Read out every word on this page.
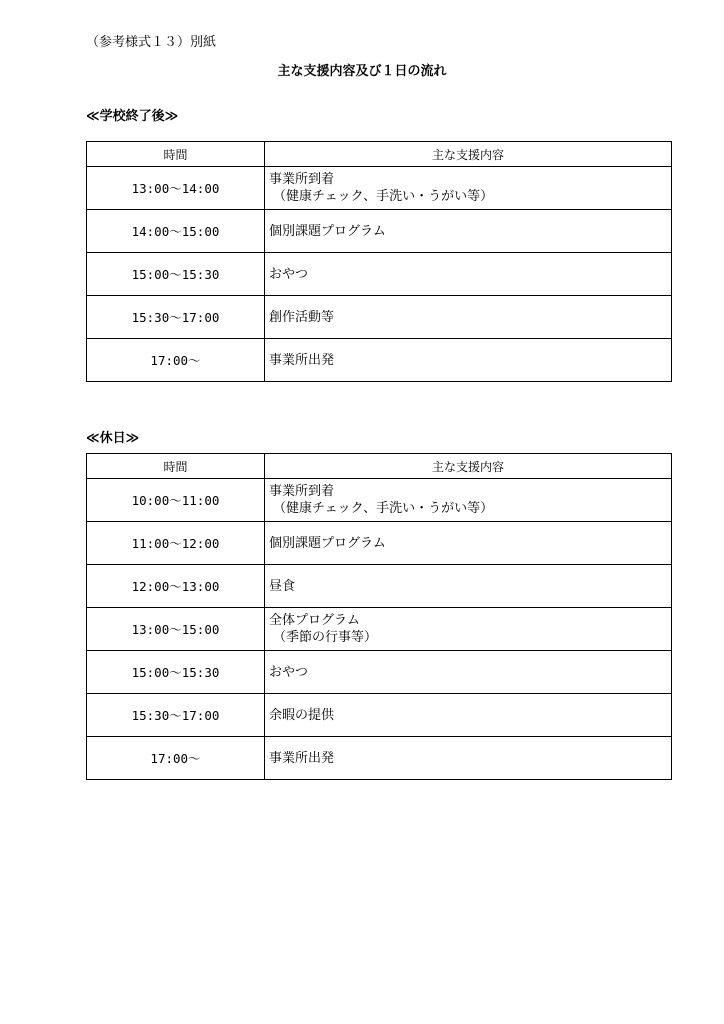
（参考様式１３）別紙
主な支援内容及び１日の流れ
≪学校終了後≫
時間	主な支援内容
13:00～14:00	事業所到着
（健康チェック、手洗い・うがい等）

14:00～15:00	個別課題プログラム
15:00～15:30	おやつ
15:30～17:00	創作活動等
17:00～	事業所出発
≪休日≫
時間	主な支援内容
10:00～11:00	事業所到着
（健康チェック、手洗い・うがい等）

11:00～12:00	個別課題プログラム
12:00～13:00	昼食
13:00～15:00	全体プログラム
（季節の行事等）

15:00～15:30	おやつ
15:30～17:00	余暇の提供
17:00～	事業所出発
